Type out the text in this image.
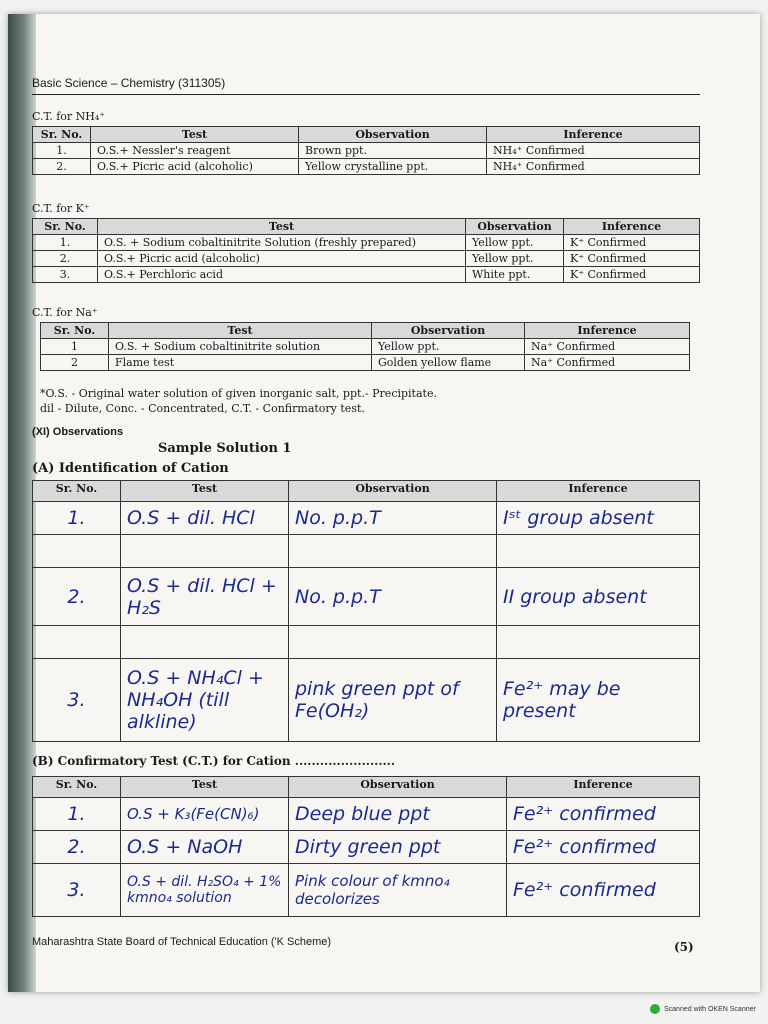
Basic Science – Chemistry (311305)
C.T. for NH₄⁺
Sr. No.	Test	Observation	Inference
1.	O.S.+ Nessler's reagent	Brown ppt.	NH₄⁺ Confirmed
2.	O.S.+ Picric acid (alcoholic)	Yellow crystalline ppt.	NH₄⁺ Confirmed
C.T. for K⁺
Sr. No.	Test	Observation	Inference
1.	O.S. + Sodium cobaltinitrite Solution (freshly prepared)	Yellow ppt.	K⁺ Confirmed
2.	O.S.+ Picric acid (alcoholic)	Yellow ppt.	K⁺ Confirmed
3.	O.S.+ Perchloric acid	White ppt.	K⁺ Confirmed
C.T. for Na⁺
Sr. No.	Test	Observation	Inference
1	O.S. + Sodium cobaltinitrite solution	Yellow ppt.	Na⁺ Confirmed
2	Flame test	Golden yellow flame	Na⁺ Confirmed
*O.S. - Original water solution of given inorganic salt, ppt.- Precipitate.
dil - Dilute, Conc. - Concentrated, C.T. - Confirmatory test.
(XI) Observations
Sample Solution 1
(A) Identification of Cation
Sr. No.	Test	Observation	Inference
1.	O.S + dil. HCl	No. p.p.T	Iˢᵗ group absent

2.	O.S + dil. HCl + H₂S	No. p.p.T	II group absent

3.	O.S + NH₄Cl + NH₄OH (till alkline)	pink green ppt of Fe(OH₂)	Fe²⁺ may be present
(B) Confirmatory Test (C.T.) for Cation ........................
Sr. No.	Test	Observation	Inference
1.	O.S + K₃(Fe(CN)₆)	Deep blue ppt	Fe²⁺ confirmed
2.	O.S + NaOH	Dirty green ppt	Fe²⁺ confirmed
3.	O.S + dil. H₂SO₄ + 1% kmno₄ solution	Pink colour of kmno₄ decolorizes	Fe²⁺ confirmed
Maharashtra State Board of Technical Education ('K Scheme)	(5)
Scanned with OKEN Scanner
